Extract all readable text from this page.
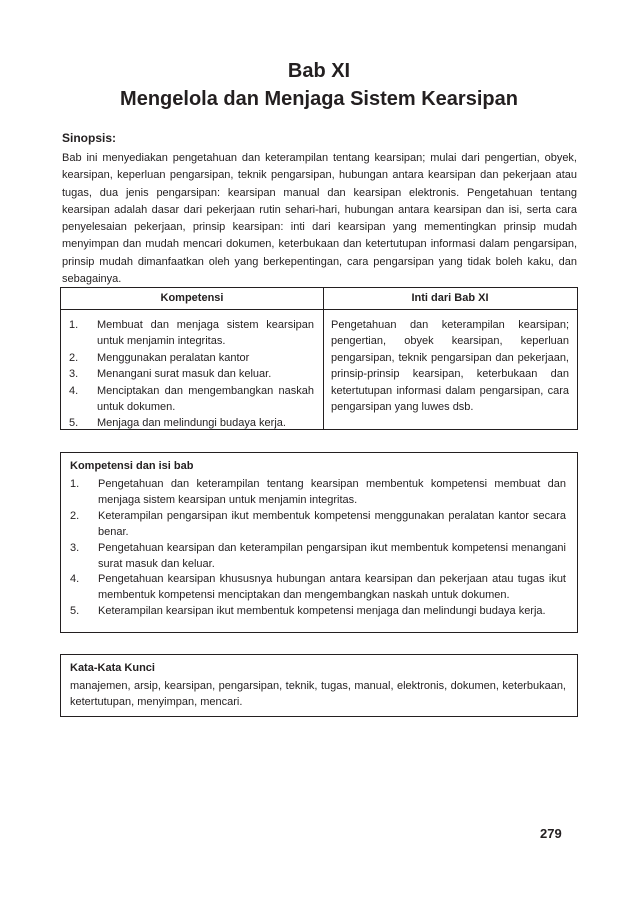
Bab XI
Mengelola dan Menjaga Sistem Kearsipan
Sinopsis:

Bab ini menyediakan pengetahuan dan keterampilan tentang kearsipan; mulai dari pengertian, obyek, kearsipan, keperluan pengarsipan, teknik pengarsipan, hubungan antara kearsipan dan pekerjaan atau tugas, dua jenis pengarsipan: kearsipan manual dan kearsipan elektronis. Pengetahuan tentang kearsipan adalah dasar dari pekerjaan rutin sehari-hari, hubungan antara kearsipan dan isi, serta cara penyelesaian pekerjaan, prinsip kearsipan: inti dari kearsipan yang mementingkan prinsip mudah menyimpan dan mudah mencari dokumen, keterbukaan dan ketertutupan informasi dalam pengarsipan, prinsip mudah dimanfaatkan oleh yang berkepentingan, cara pengarsipan yang tidak boleh kaku, dan sebagainya.

Kompetensi	Inti dari Bab XI
1. Membuat dan menjaga sistem kearsipan untuk menjamin integritas.
2. Menggunakan peralatan kantor
3. Menangani surat masuk dan keluar.
4. Menciptakan dan mengembangkan naskah untuk dokumen.
5. Menjaga dan melindungi budaya kerja.

Pengetahuan dan keterampilan kearsipan; pengertian, obyek kearsipan, keperluan pengarsipan, teknik pengarsipan dan pekerjaan, prinsip-prinsip kearsipan, keterbukaan dan ketertutupan informasi dalam pengarsipan, cara pengarsipan yang luwes dsb.

Kompetensi dan isi bab
1. Pengetahuan dan keterampilan tentang kearsipan membentuk kompetensi membuat dan menjaga sistem kearsipan untuk menjamin integritas.
2. Keterampilan pengarsipan ikut membentuk kompetensi menggunakan peralatan kantor secara benar.
3. Pengetahuan kearsipan dan keterampilan pengarsipan ikut membentuk kompetensi menangani surat masuk dan keluar.
4. Pengetahuan kearsipan khususnya hubungan antara kearsipan dan pekerjaan atau tugas ikut membentuk kompetensi menciptakan dan mengembangkan naskah untuk dokumen.
5. Keterampilan kearsipan ikut membentuk kompetensi menjaga dan melindungi budaya kerja.
Kata-Kata Kunci

manajemen, arsip, kearsipan, pengarsipan, teknik, tugas, manual, elektronis, dokumen, keterbukaan, ketertutupan, menyimpan, mencari.

279
